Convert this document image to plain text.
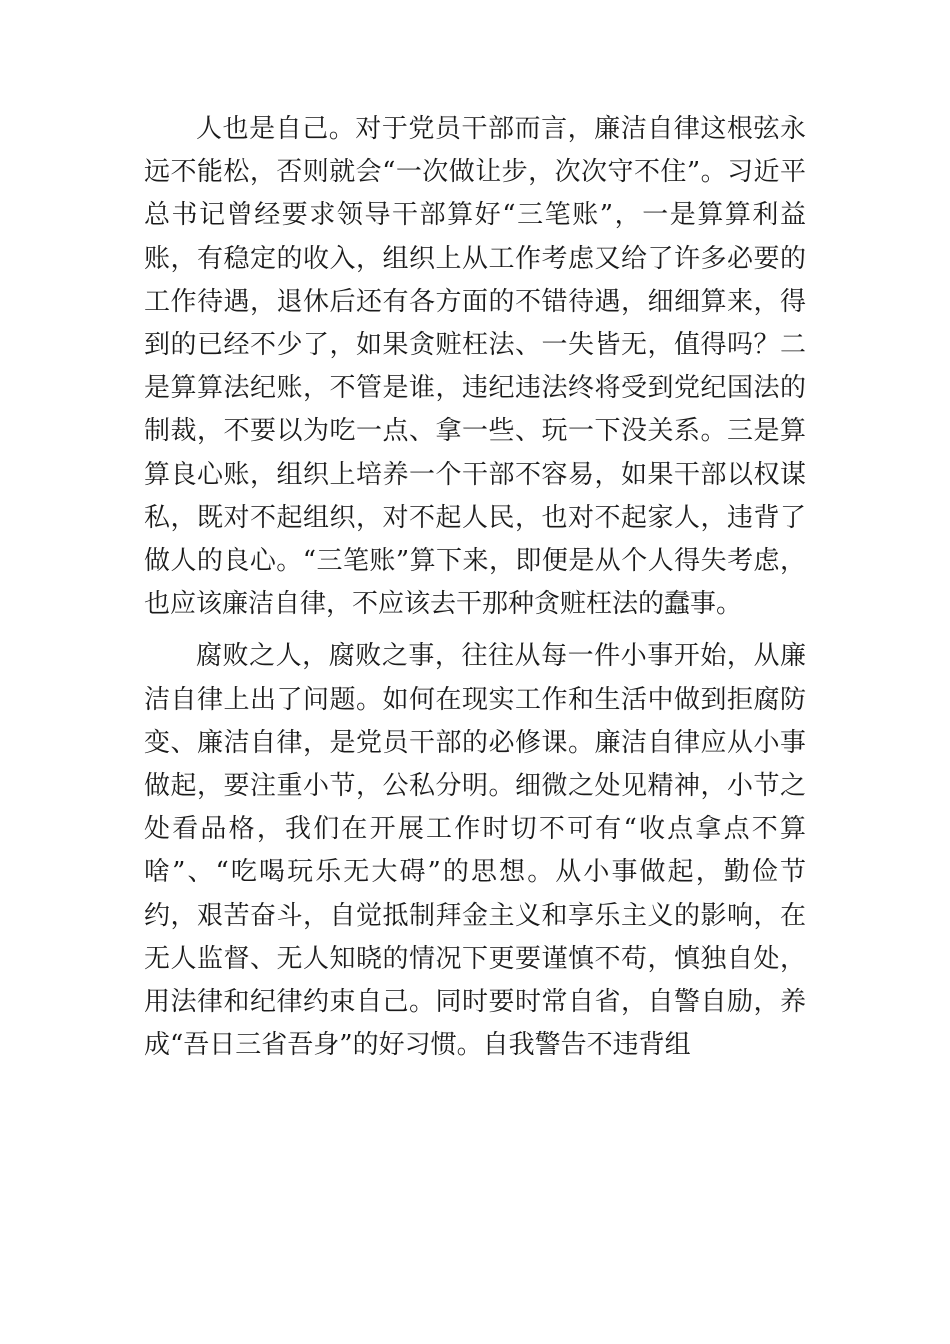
人也是自己。对于党员干部而言，廉洁自律这根弦永远不能松，否则就会“一次做让步，次次守不住”。习近平总书记曾经要求领导干部算好“三笔账”，一是算算利益账，有稳定的收入，组织上从工作考虑又给了许多必要的工作待遇，退休后还有各方面的不错待遇，细细算来，得到的已经不少了，如果贪赃枉法、一失皆无，值得吗？二是算算法纪账，不管是谁，违纪违法终将受到党纪国法的制裁，不要以为吃一点、拿一些、玩一下没关系。三是算算良心账，组织上培养一个干部不容易，如果干部以权谋私，既对不起组织，对不起人民，也对不起家人，违背了做人的良心。“三笔账”算下来，即便是从个人得失考虑，也应该廉洁自律，不应该去干那种贪赃枉法的蠢事。

腐败之人，腐败之事，往往从每一件小事开始，从廉洁自律上出了问题。如何在现实工作和生活中做到拒腐防变、廉洁自律，是党员干部的必修课。廉洁自律应从小事做起，要注重小节，公私分明。细微之处见精神，小节之处看品格，我们在开展工作时切不可有“收点拿点不算啥”、“吃喝玩乐无大碍”的思想。从小事做起，勤俭节约，艰苦奋斗，自觉抵制拜金主义和享乐主义的影响，在无人监督、无人知晓的情况下更要谨慎不苟，慎独自处，用法律和纪律约束自己。同时要时常自省，自警自励，养成“吾日三省吾身”的好习惯。自我警告不违背组
